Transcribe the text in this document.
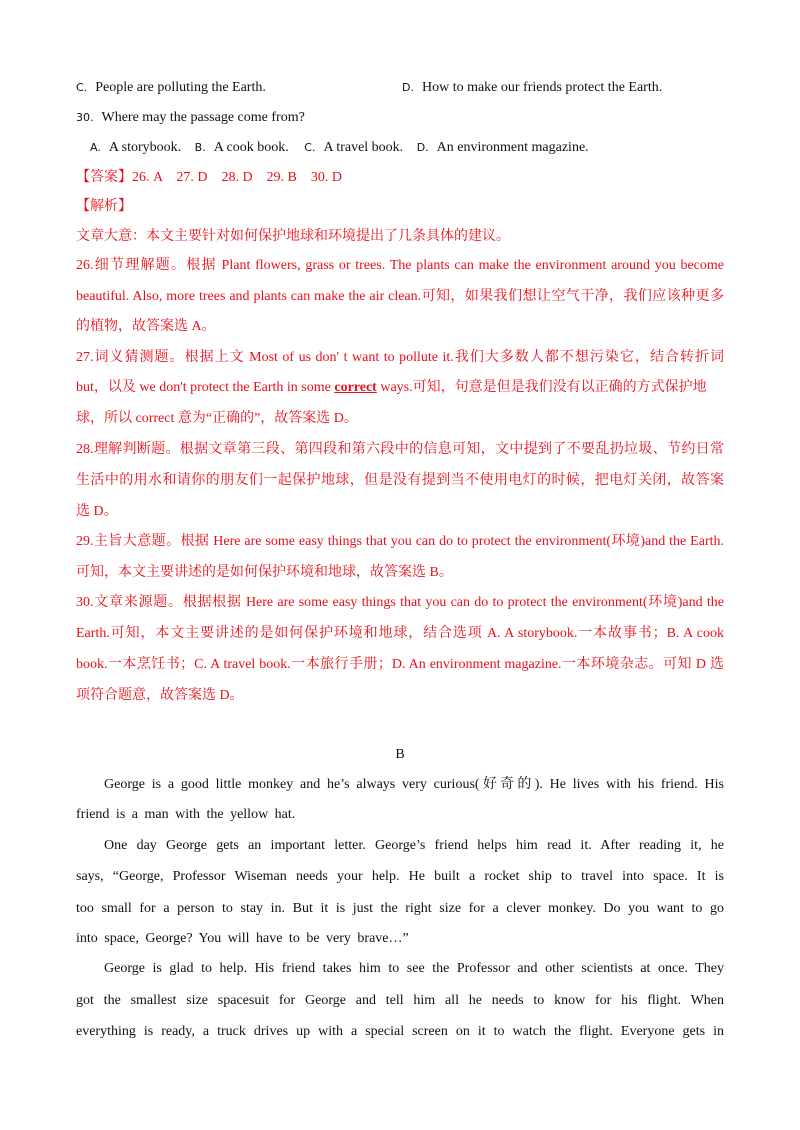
C. People are polluting the Earth.	D. How to make our friends protect the Earth.
30. Where may the passage come from?
A. A storybook. B. A cook book. C. A travel book. D. An environment magazine.
【答案】26. A    27. D    28. D    29. B    30. D
【解析】
文章大意：本文主要针对如何保护地球和环境提出了几条具体的建议。
26.细节理解题。根据 Plant flowers, grass or trees. The plants can make the environment around you become
beautiful. Also, more trees and plants can make the air clean.可知，如果我们想让空气干净，我们应该种更多
的植物，故答案选 A。
27.词义猜测题。根据上文 Most of us don' t want to pollute it.我们大多数人都不想污染它，结合转折词
but，以及 we don't protect the Earth in some correct ways.可知，句意是但是我们没有以正确的方式保护地
球，所以 correct 意为“正确的”，故答案选 D。
28.理解判断题。根据文章第三段、第四段和第六段中的信息可知，文中提到了不要乱扔垃圾、节约日常
生活中的用水和请你的朋友们一起保护地球，但是没有提到当不使用电灯的时候，把电灯关闭，故答案
选 D。
29.主旨大意题。根据 Here are some easy things that you can do to protect the environment(环境)and the Earth.
可知，本文主要讲述的是如何保护环境和地球，故答案选 B。
30.文章来源题。根据根据 Here are some easy things that you can do to protect the environment(环境)and the
Earth.可知，本文主要讲述的是如何保护环境和地球，结合选项 A. A storybook.一本故事书；B. A cook
book.一本烹饪书；C. A travel book.一本旅行手册；D. An environment magazine.一本环境杂志。可知 D 选
项符合题意，故答案选 D。
B
George is a good little monkey and he’s always very curious(好奇的). He lives with his friend. His
friend is a man with the yellow hat.
One day George gets an important letter. George’s friend helps him read it. After reading it, he
says, “George, Professor Wiseman needs your help. He built a rocket ship to travel into space. It is
too small for a person to stay in. But it is just the right size for a clever monkey. Do you want to go
into space, George? You will have to be very brave…”
George is glad to help. His friend takes him to see the Professor and other scientists at once. They
got the smallest size spacesuit for George and tell him all he needs to know for his flight. When
everything is ready, a truck drives up with a special screen on it to watch the flight. Everyone gets in
